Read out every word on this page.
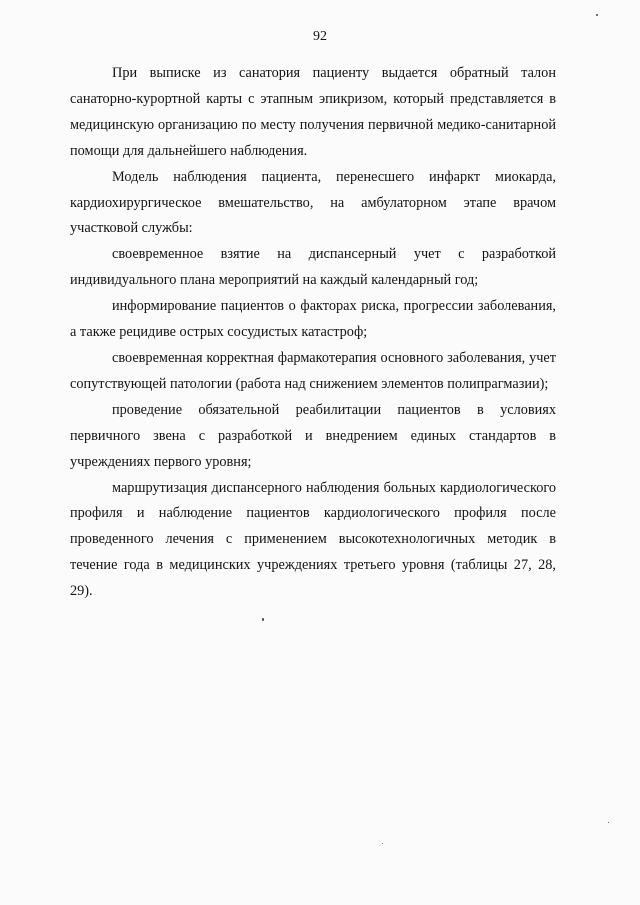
92

При выписке из санатория пациенту выдается обратный талон санаторно-курортной карты с этапным эпикризом, который представляется в медицинскую организацию по месту получения первичной медико-санитарной помощи для дальнейшего наблюдения.

Модель наблюдения пациента, перенесшего инфаркт миокарда, кардиохирургическое вмешательство, на амбулаторном этапе врачом участковой службы:

своевременное взятие на диспансерный учет с разработкой индивидуального плана мероприятий на каждый календарный год;

информирование пациентов о факторах риска, прогрессии заболевания, а также рецидиве острых сосудистых катастроф;

своевременная корректная фармакотерапия основного заболевания, учет сопутствующей патологии (работа над снижением элементов полипрагмазии);

проведение обязательной реабилитации пациентов в условиях первичного звена с разработкой и внедрением единых стандартов в учреждениях первого уровня;

маршрутизация диспансерного наблюдения больных кардиологического профиля и наблюдение пациентов кардиологического профиля после проведенного лечения с применением высокотехнологичных методик в течение года в медицинских учреждениях третьего уровня (таблицы 27, 28, 29).
